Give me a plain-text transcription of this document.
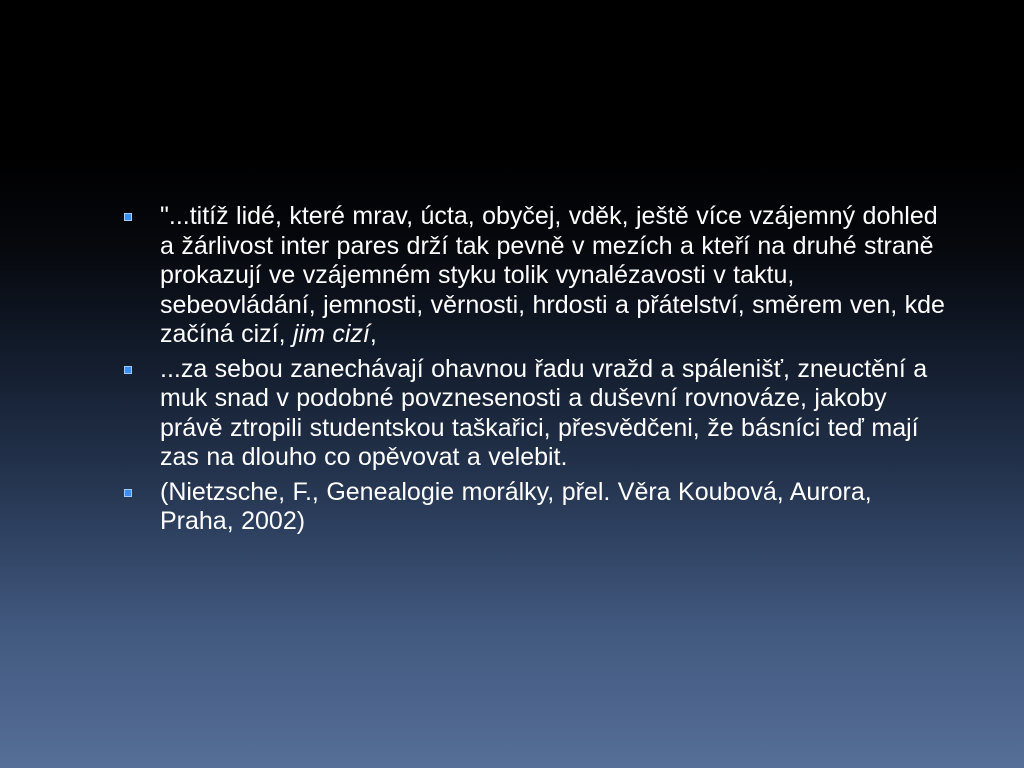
"...titíž lidé, které mrav, úcta, obyčej, vděk, ještě více vzájemný dohled a žárlivost inter pares drží tak pevně v mezích a kteří na druhé straně prokazují ve vzájemném styku tolik vynalézavosti v taktu, sebeovládání, jemnosti, věrnosti, hrdosti a přátelství, směrem ven, kde začíná cizí, jim cizí,
...za sebou zanechávají ohavnou řadu vražd a spálenišť, zneuctění a muk snad v podobné povznesenosti a duševní rovnováze, jakoby právě ztropili studentskou taškařici, přesvědčeni, že básníci teď mají zas na dlouho co opěvovat a velebit.
(Nietzsche, F., Genealogie morálky, přel. Věra Koubová, Aurora, Praha, 2002)
